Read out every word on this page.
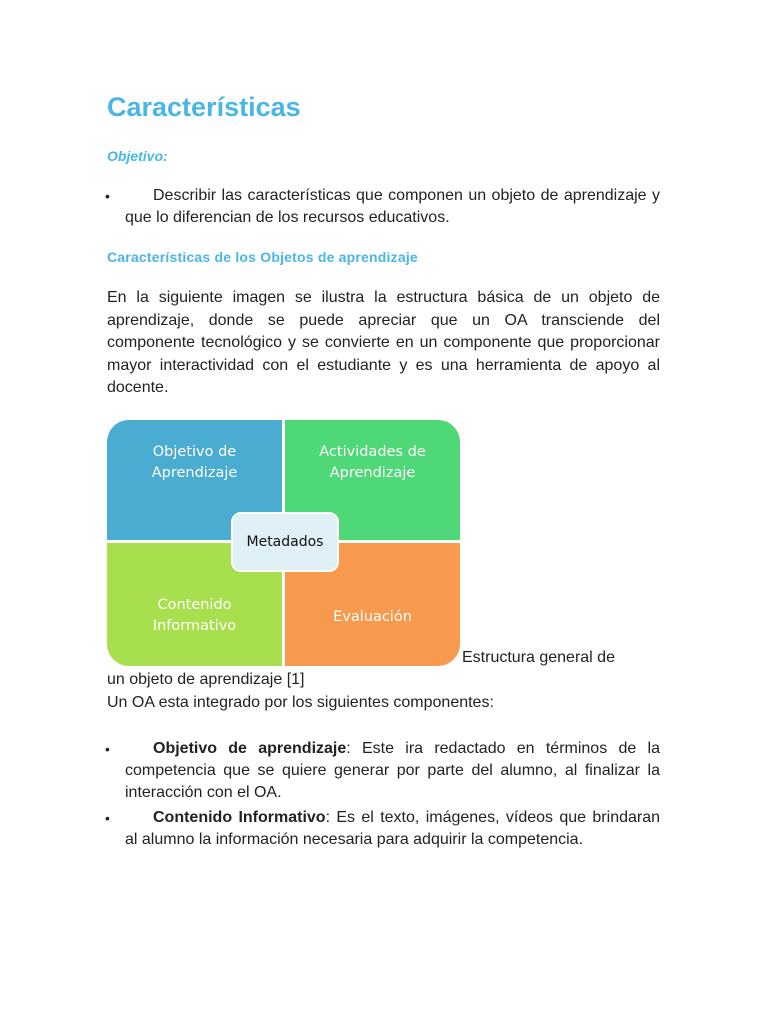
Características
Objetivo:
•	Describir las características que componen un objeto de aprendizaje y que lo diferencian de los recursos educativos.
Características de los Objetos de aprendizaje

En la siguiente imagen se ilustra la estructura básica de un objeto de aprendizaje, donde se puede apreciar que un OA transciende del componente tecnológico y se convierte en un componente que proporcionar mayor interactividad con el estudiante y es una herramienta de apoyo al docente.

Objetivo de
Aprendizaje
Actividades de
Aprendizaje
Contenido
Informativo
Evaluación
Metadados
Estructura general de
un objeto de aprendizaje [1]
Un OA esta integrado por los siguientes componentes:
•	Objetivo de aprendizaje: Este ira redactado en términos de la competencia que se quiere generar por parte del alumno, al finalizar la interacción con el OA.
•	Contenido Informativo: Es el texto, imágenes, vídeos que brindaran al alumno la información necesaria para adquirir la competencia.
